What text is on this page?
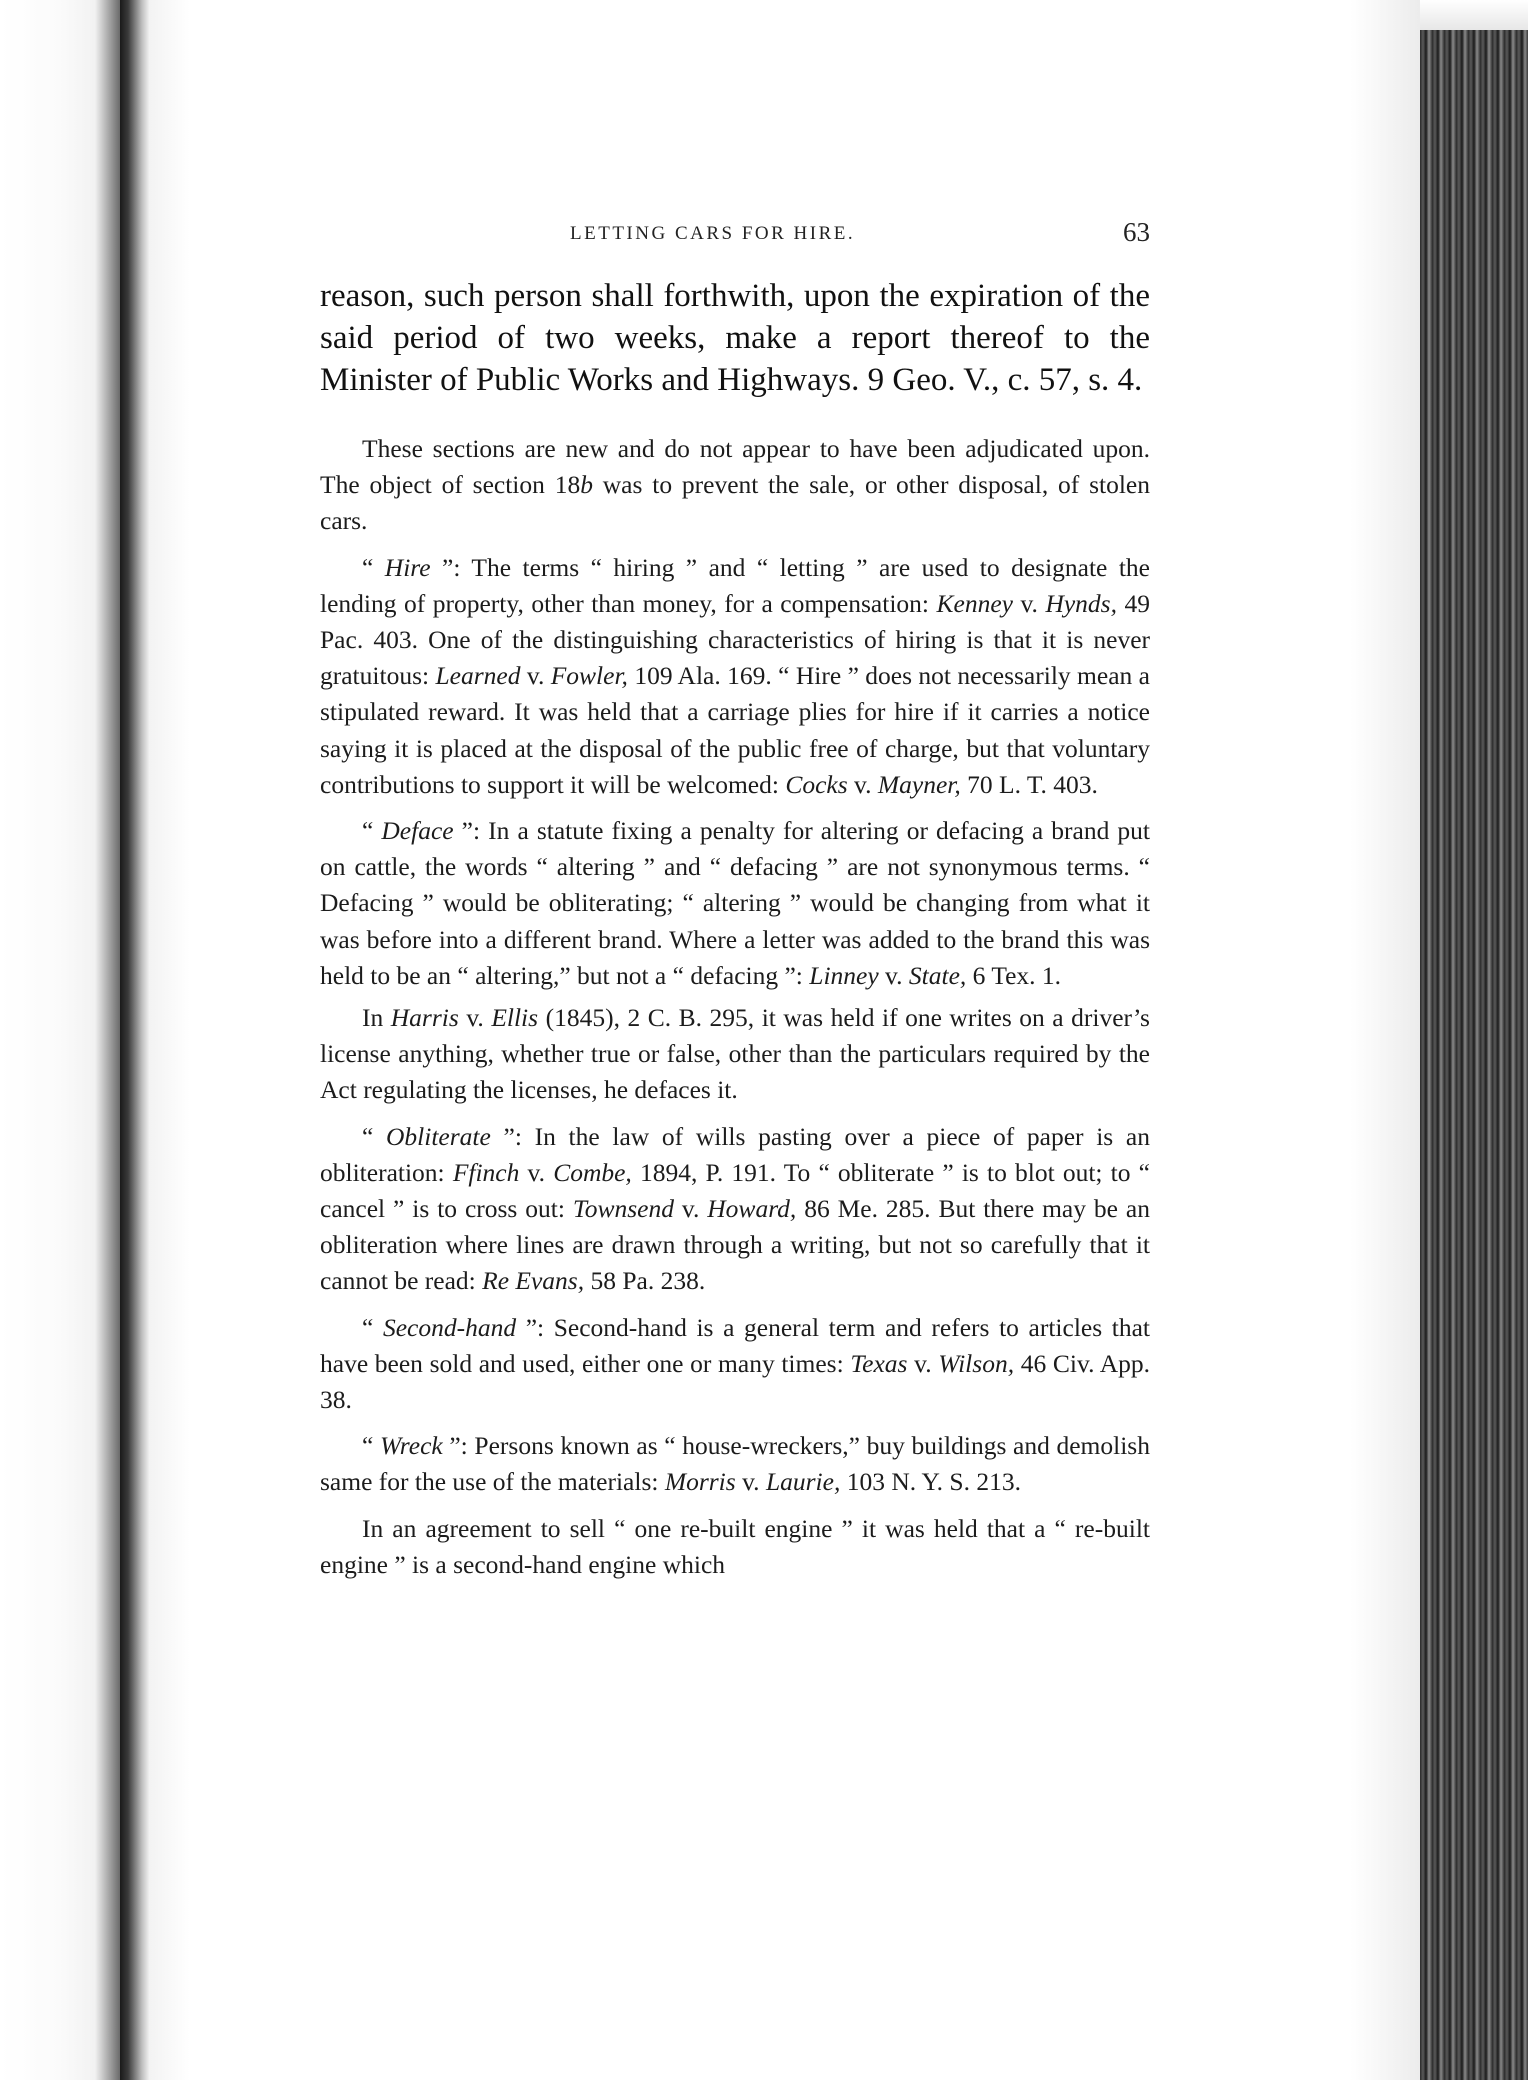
LETTING CARS FOR HIRE.	63

reason, such person shall forthwith, upon the expiration of the said period of two weeks, make a report thereof to the Minister of Public Works and Highways. 9 Geo. V., c. 57, s. 4.

These sections are new and do not appear to have been adjudicated upon. The object of section 18b was to prevent the sale, or other disposal, of stolen cars.

“ Hire ”: The terms “ hiring ” and “ letting ” are used to designate the lending of property, other than money, for a compensation: Kenney v. Hynds, 49 Pac. 403. One of the distinguishing characteristics of hiring is that it is never gratuitous: Learned v. Fowler, 109 Ala. 169. “ Hire ” does not necessarily mean a stipulated reward. It was held that a carriage plies for hire if it carries a notice saying it is placed at the disposal of the public free of charge, but that voluntary contributions to support it will be welcomed: Cocks v. Mayner, 70 L. T. 403.

“ Deface ”: In a statute fixing a penalty for altering or defacing a brand put on cattle, the words “ altering ” and “ defacing ” are not synonymous terms. “ Defacing ” would be obliterating; “ altering ” would be changing from what it was before into a different brand. Where a letter was added to the brand this was held to be an “ altering,” but not a “ defacing ”: Linney v. State, 6 Tex. 1.

In Harris v. Ellis (1845), 2 C. B. 295, it was held if one writes on a driver’s license anything, whether true or false, other than the particulars required by the Act regulating the licenses, he defaces it.

“ Obliterate ”: In the law of wills pasting over a piece of paper is an obliteration: Ffinch v. Combe, 1894, P. 191. To “ obliterate ” is to blot out; to “ cancel ” is to cross out: Townsend v. Howard, 86 Me. 285. But there may be an obliteration where lines are drawn through a writing, but not so carefully that it cannot be read: Re Evans, 58 Pa. 238.

“ Second-hand ”: Second-hand is a general term and refers to articles that have been sold and used, either one or many times: Texas v. Wilson, 46 Civ. App. 38.

“ Wreck ”: Persons known as “ house-wreckers,” buy buildings and demolish same for the use of the materials: Morris v. Laurie, 103 N. Y. S. 213.

In an agreement to sell “ one re-built engine ” it was held that a “ re-built engine ” is a second-hand engine which
